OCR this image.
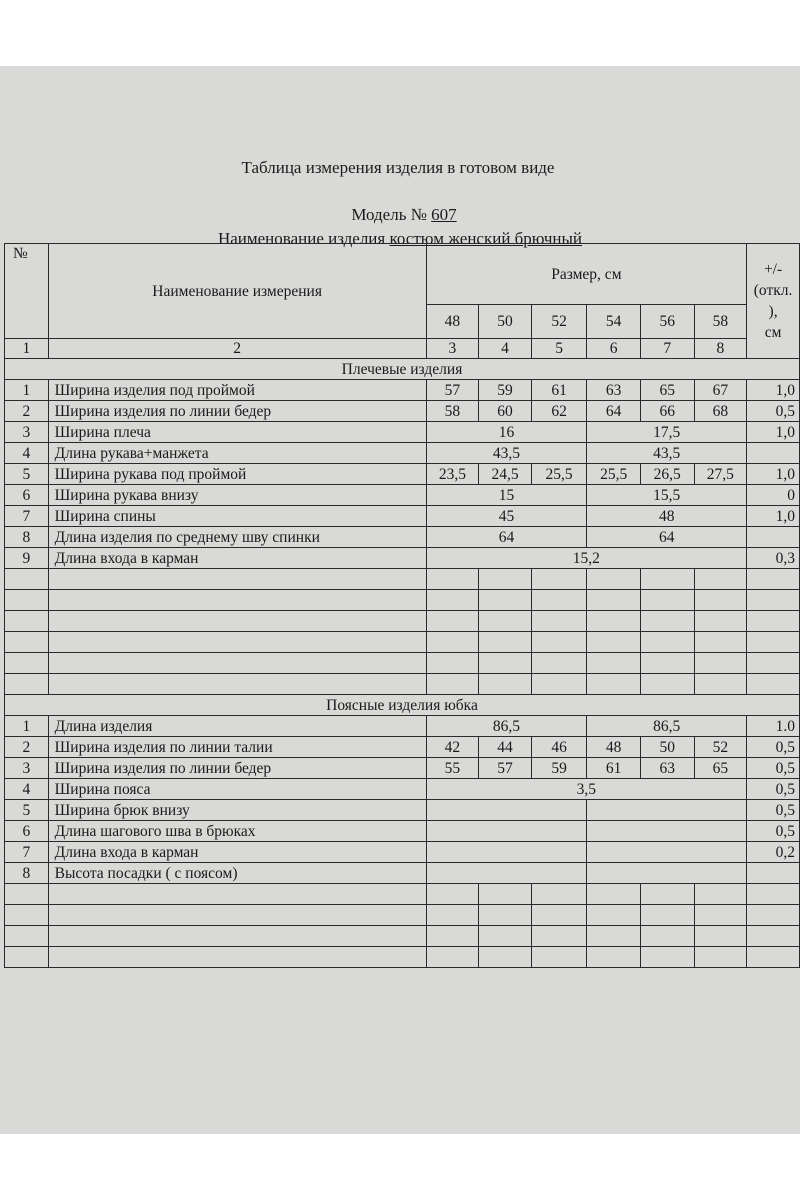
Таблица измерения изделия в готовом виде
Модель № 607
Наименование изделия костюм женский брючный
№	Наименование измерения	Размер, см						+/-
(откл.
),
см

		48	50	52	54	56	58	
1	2	3	4	5	6	7	8	
Плечевые изделия								
1	Ширина изделия под проймой	57	59	61	63	65	67	1,0
2	Ширина изделия по линии бедер	58	60	62	64	66	68	0,5
3	Ширина плеча	16			17,5			1,0
4	Длина рукава+манжета	43,5			43,5			
5	Ширина рукава под проймой	23,5	24,5	25,5	25,5	26,5	27,5	1,0
6	Ширина рукава внизу	15			15,5			0
7	Ширина спины	45			48			1,0
8	Длина изделия по среднему шву спинки	64			64			
9	Длина входа в карман	15,2						0,3

Поясные изделия юбка								
1	Длина изделия	86,5			86,5			1.0
2	Ширина изделия по линии талии	42	44	46	48	50	52	0,5
3	Ширина изделия по линии бедер	55	57	59	61	63	65	0,5
4	Ширина пояса	3,5						0,5
5	Ширина брюк внизу							0,5
6	Длина шагового шва в брюках							0,5
7	Длина входа в карман							0,2
8	Высота посадки ( с поясом)							
